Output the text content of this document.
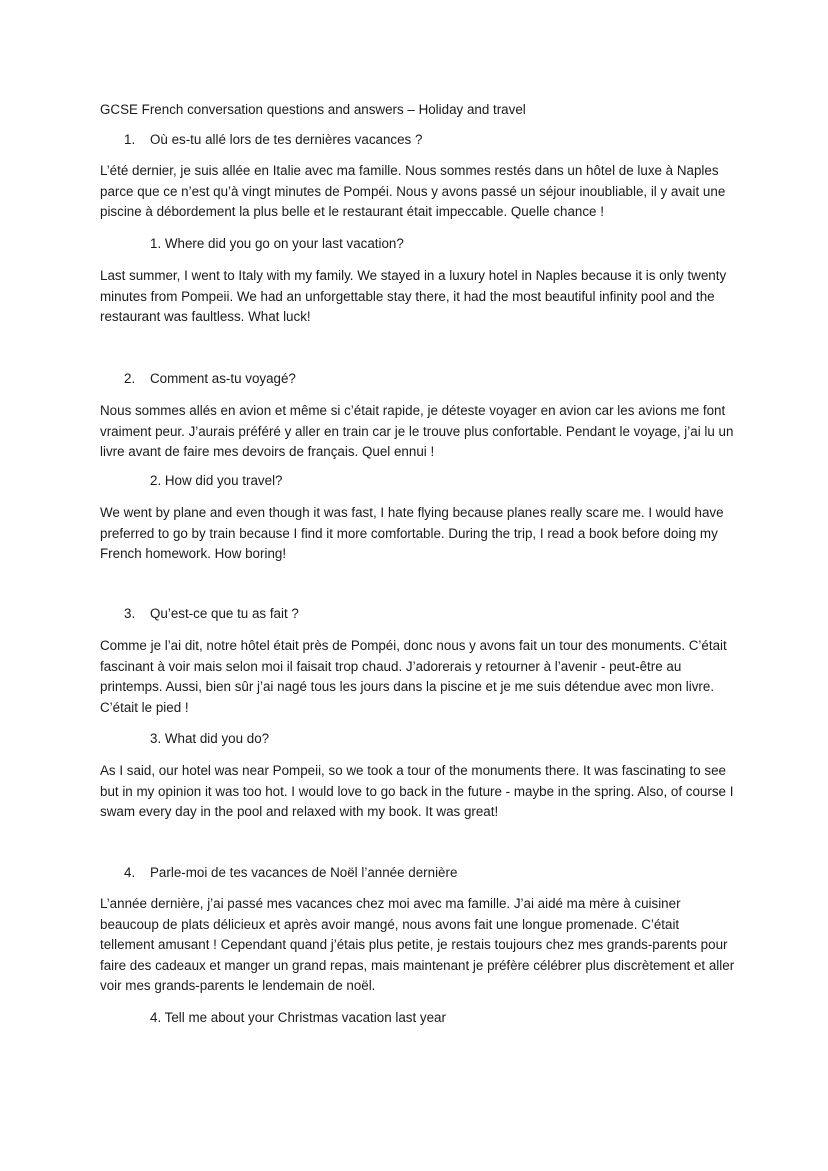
GCSE French conversation questions and answers – Holiday and travel
1. Où es-tu allé lors de tes dernières vacances ?

L’été dernier, je suis allée en Italie avec ma famille. Nous sommes restés dans un hôtel de luxe à Naples parce que ce n’est qu’à vingt minutes de Pompéi. Nous y avons passé un séjour inoubliable, il y avait une piscine à débordement la plus belle et le restaurant était impeccable. Quelle chance !

1. Where did you go on your last vacation?

Last summer, I went to Italy with my family. We stayed in a luxury hotel in Naples because it is only twenty minutes from Pompeii. We had an unforgettable stay there, it had the most beautiful infinity pool and the restaurant was faultless. What luck!

2. Comment as-tu voyagé?

Nous sommes allés en avion et même si c’était rapide, je déteste voyager en avion car les avions me font vraiment peur. J’aurais préféré y aller en train car je le trouve plus confortable. Pendant le voyage, j’ai lu un livre avant de faire mes devoirs de français. Quel ennui !

2. How did you travel?

We went by plane and even though it was fast, I hate flying because planes really scare me. I would have preferred to go by train because I find it more comfortable. During the trip, I read a book before doing my French homework. How boring!

3. Qu’est-ce que tu as fait ?

Comme je l’ai dit, notre hôtel était près de Pompéi, donc nous y avons fait un tour des monuments. C’était fascinant à voir mais selon moi il faisait trop chaud. J’adorerais y retourner à l’avenir - peut-être au printemps. Aussi, bien sûr j’ai nagé tous les jours dans la piscine et je me suis détendue avec mon livre. C’était le pied !

3. What did you do?

As I said, our hotel was near Pompeii, so we took a tour of the monuments there. It was fascinating to see but in my opinion it was too hot. I would love to go back in the future - maybe in the spring. Also, of course I swam every day in the pool and relaxed with my book. It was great!

4. Parle-moi de tes vacances de Noël l’année dernière

L’année dernière, j’ai passé mes vacances chez moi avec ma famille. J’ai aidé ma mère à cuisiner beaucoup de plats délicieux et après avoir mangé, nous avons fait une longue promenade. C’était tellement amusant ! Cependant quand j’étais plus petite, je restais toujours chez mes grands-parents pour faire des cadeaux et manger un grand repas, mais maintenant je préfère célébrer plus discrètement et aller voir mes grands-parents le lendemain de noël.

4. Tell me about your Christmas vacation last year
